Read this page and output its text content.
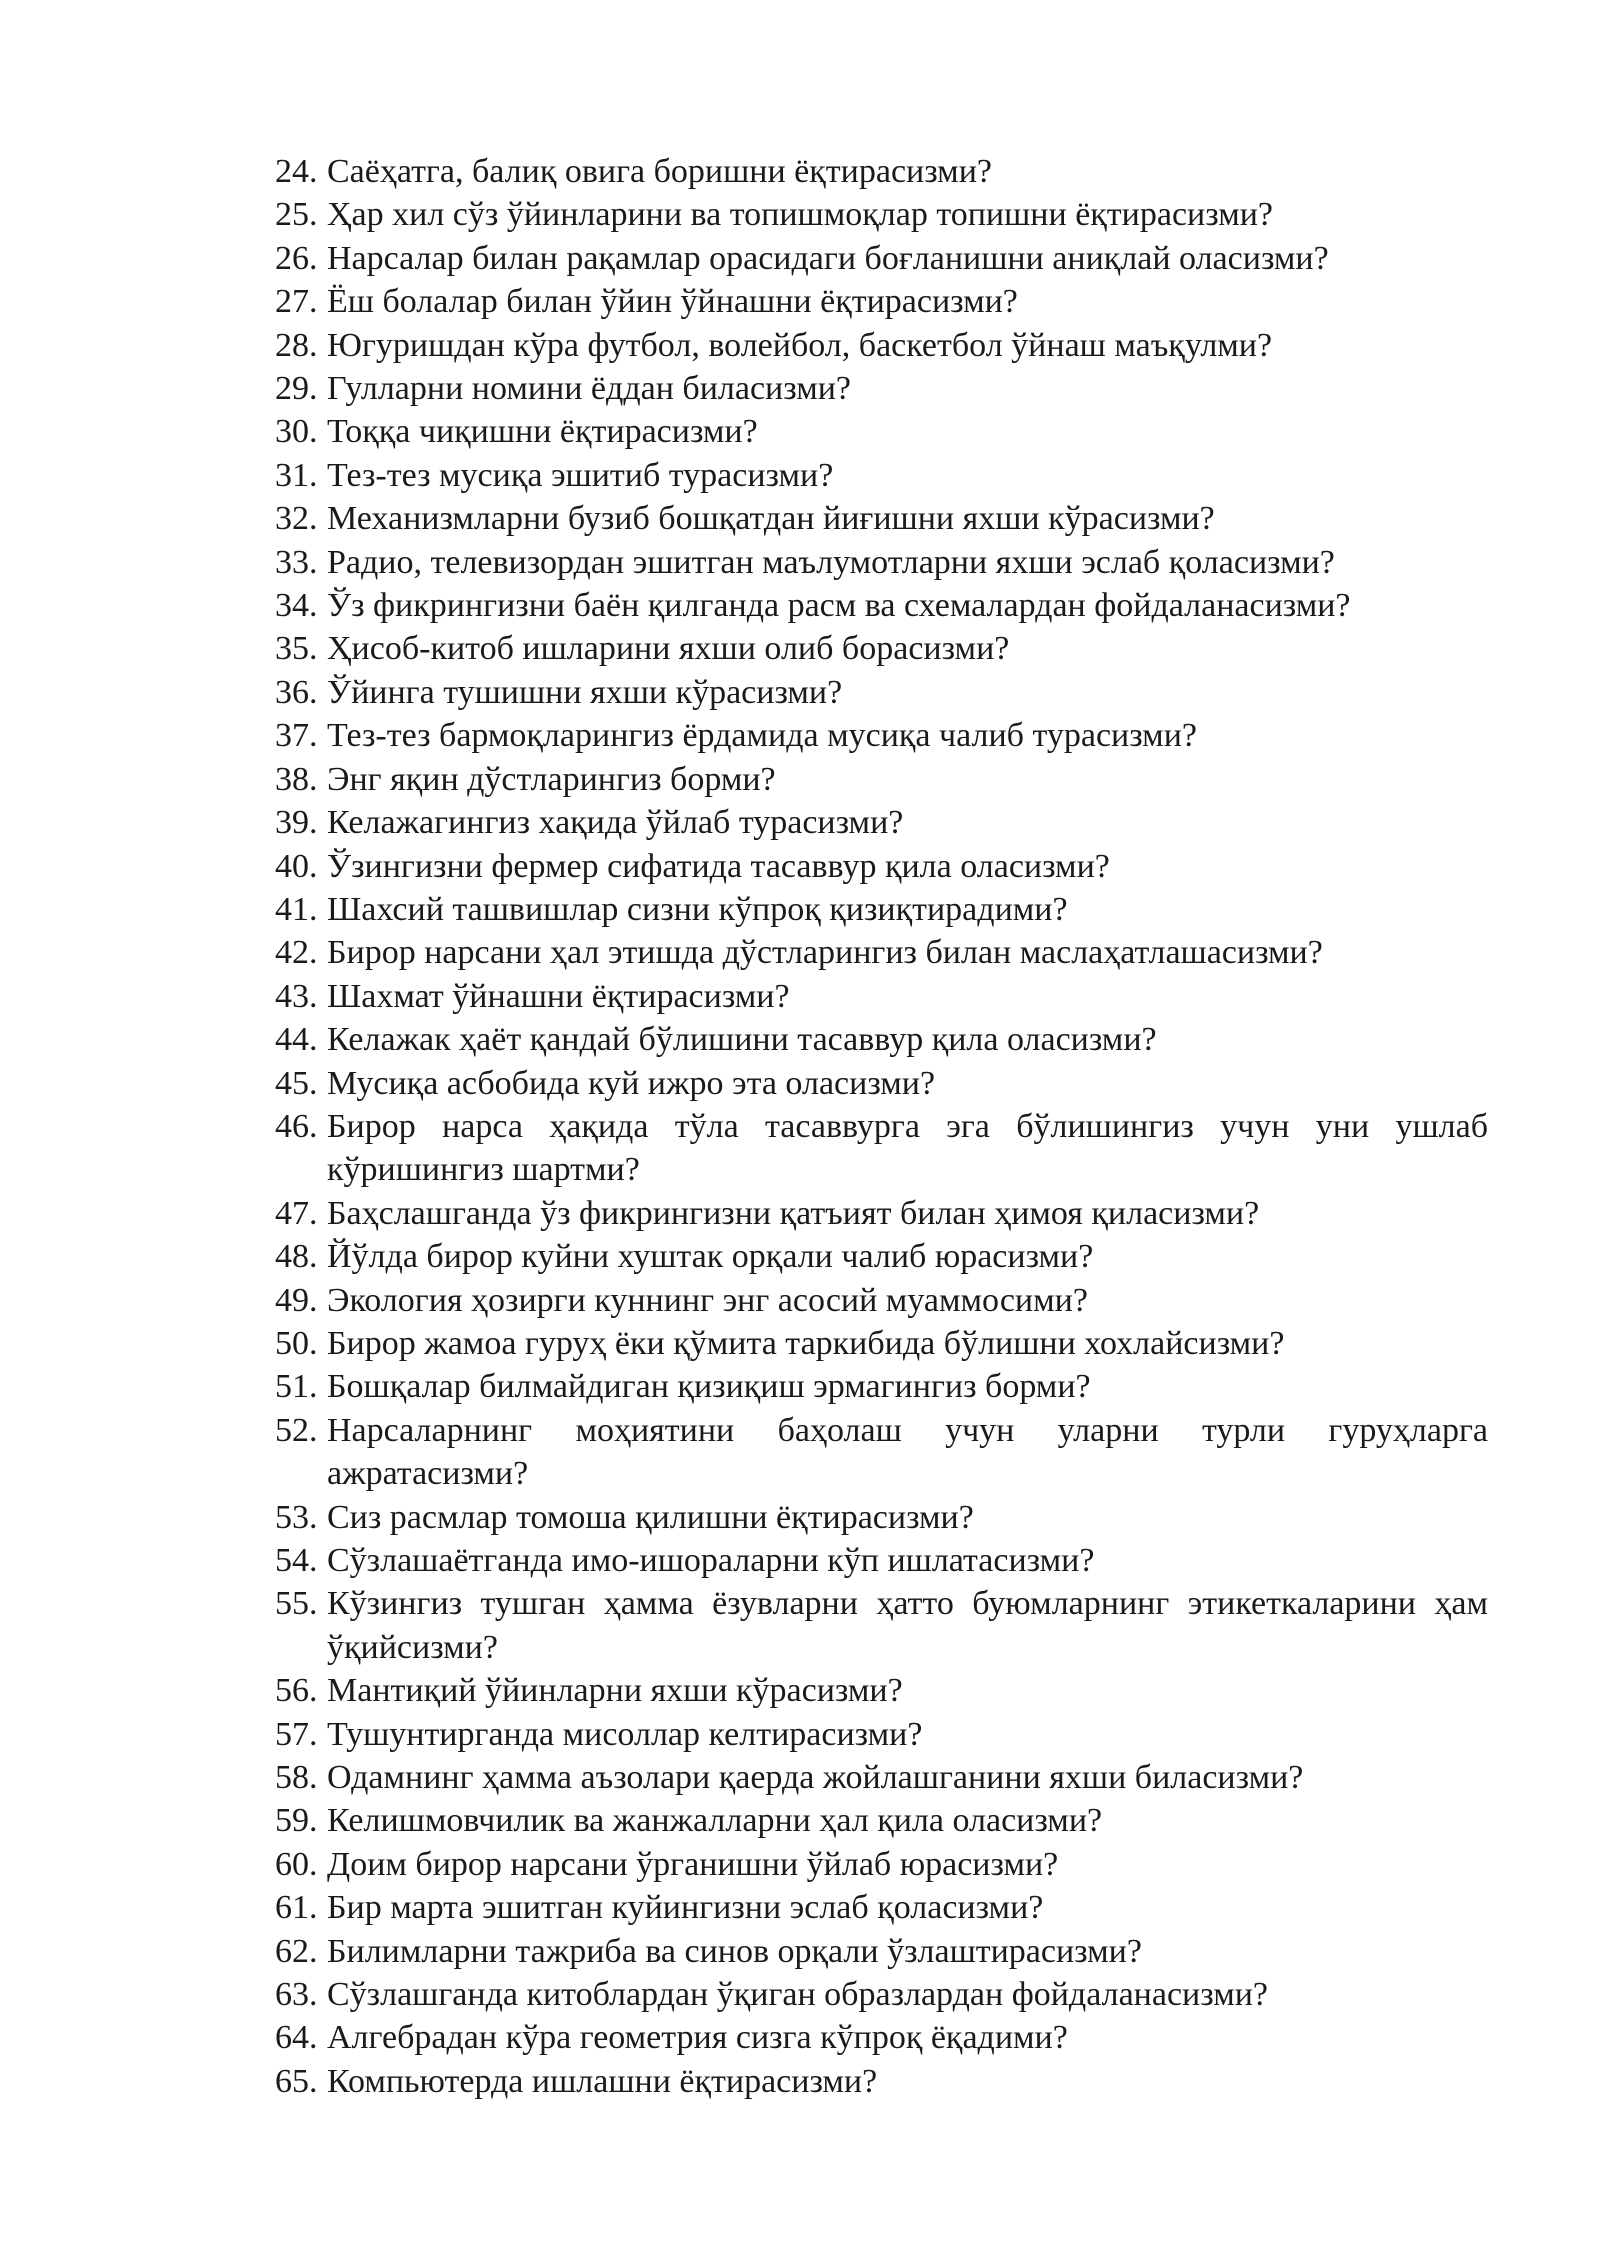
24. Саёҳатга, балиқ овига боришни ёқтирасизми?
25. Ҳар хил сўз ўйинларини ва топишмоқлар топишни ёқтирасизми?
26. Нарсалар билан рақамлар орасидаги боғланишни аниқлай оласизми?
27. Ёш болалар билан ўйин ўйнашни ёқтирасизми?
28. Югуришдан кўра футбол, волейбол, баскетбол ўйнаш маъқулми?
29. Гулларни номини ёддан биласизми?
30. Тоққа чиқишни ёқтирасизми?
31. Тез-тез мусиқа эшитиб турасизми?
32. Механизмларни бузиб бошқатдан йиғишни яхши кўрасизми?
33. Радио, телевизордан эшитган маълумотларни яхши эслаб қоласизми?
34. Ўз фикрингизни баён қилганда расм ва схемалардан фойдаланасизми?
35. Ҳисоб-китоб ишларини яхши олиб борасизми?
36. Ўйинга тушишни яхши кўрасизми?
37. Тез-тез бармоқларингиз ёрдамида мусиқа чалиб турасизми?
38. Энг яқин дўстларингиз борми?
39. Келажагингиз хақида ўйлаб турасизми?
40. Ўзингизни фермер сифатида тасаввур қила оласизми?
41. Шахсий ташвишлар сизни кўпроқ қизиқтирадими?
42. Бирор нарсани ҳал этишда дўстларингиз билан маслаҳатлашасизми?
43. Шахмат ўйнашни ёқтирасизми?
44. Келажак ҳаёт қандай бўлишини тасаввур қила оласизми?
45. Мусиқа асбобида куй ижро эта оласизми?
46. Бирор нарса ҳақида тўла тасаввурга эга бўлишингиз учун уни ушлаб кўришингиз шартми?
47. Баҳслашганда ўз фикрингизни қатъият билан ҳимоя қиласизми?
48. Йўлда бирор куйни хуштак орқали чалиб юрасизми?
49. Экология ҳозирги куннинг энг асосий муаммосими?
50. Бирор жамоа гуруҳ ёки қўмита таркибида бўлишни хохлайсизми?
51. Бошқалар билмайдиган қизиқиш эрмагингиз борми?
52. Нарсаларнинг моҳиятини баҳолаш учун уларни турли гуруҳларга ажратасизми?
53. Сиз расмлар томоша қилишни ёқтирасизми?
54. Сўзлашаётганда имо-ишораларни кўп ишлатасизми?
55. Кўзингиз тушган ҳамма ёзувларни ҳатто буюмларнинг этикеткаларини ҳам ўқийсизми?
56. Мантиқий ўйинларни яхши кўрасизми?
57. Тушунтирганда мисоллар келтирасизми?
58. Одамнинг ҳамма аъзолари қаерда жойлашганини яхши биласизми?
59. Келишмовчилик ва жанжалларни ҳал қила оласизми?
60. Доим бирор нарсани ўрганишни ўйлаб юрасизми?
61. Бир марта эшитган куйингизни эслаб қоласизми?
62. Билимларни тажриба ва синов орқали ўзлаштирасизми?
63. Сўзлашганда китоблардан ўқиган образлардан фойдаланасизми?
64. Алгебрадан кўра геометрия сизга кўпроқ ёқадими?
65. Компьютерда ишлашни ёқтирасизми?
